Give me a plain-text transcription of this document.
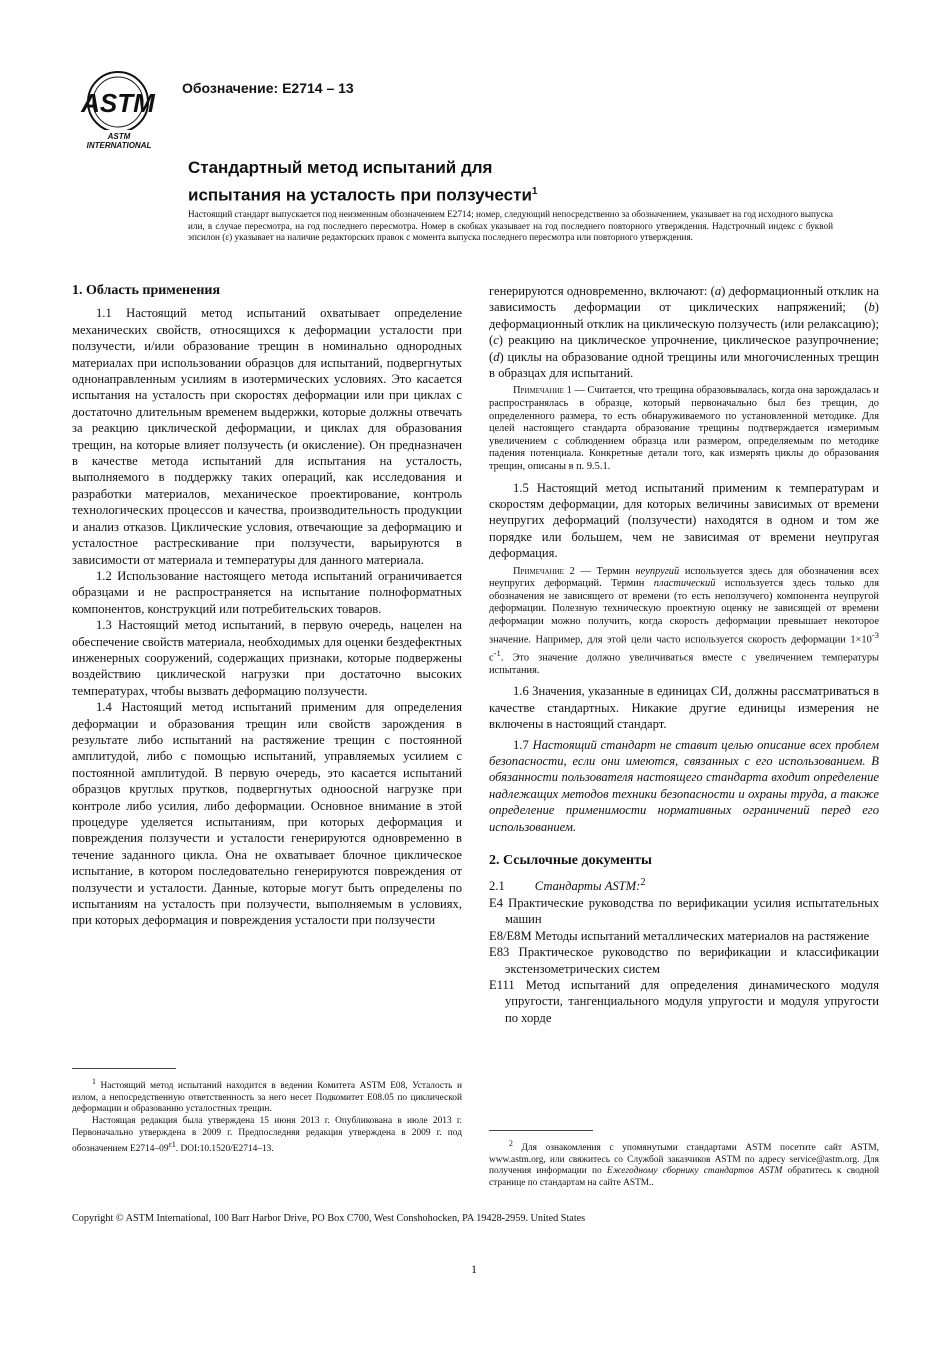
ASTM
ASTM INTERNATIONAL
Обозначение: E2714 – 13
Стандартный метод испытаний для
испытания на усталость при ползучести$^1$
Настоящий стандарт выпускается под неизменным обозначением E2714; номер, следующий непосредственно за обозначением, указывает на год исходного выпуска или, в случае пересмотра, на год последнего пересмотра. Номер в скобках указывает на год последнего повторного утверждения. Надстрочный индекс с буквой эпсилон (ε) указывает на наличие редакторских правок с момента выпуска последнего пересмотра или повторного утверждения.
1. Область применения

1.1 Настоящий метод испытаний охватывает определение механических свойств, относящихся к деформации усталости при ползучести, и/или образование трещин в номинально однородных материалах при использовании образцов для испытаний, подвергнутых однонаправленным усилиям в изотермических условиях. Это касается испытания на усталость при скоростях деформации или при циклах с достаточно длительным временем выдержки, которые должны отвечать за реакцию циклической деформации, и циклах для образования трещин, на которые влияет ползучесть (и окисление). Он предназначен в качестве метода испытаний для испытания на усталость, выполняемого в поддержку таких операций, как исследования и разработки материалов, механическое проектирование, контроль технологических процессов и качества, производительность продукции и анализ отказов. Циклические условия, отвечающие за деформацию и усталостное растрескивание при ползучести, варьируются в зависимости от материала и температуры для данного материала.

1.2 Использование настоящего метода испытаний ограничивается образцами и не распространяется на испытание полноформатных компонентов, конструкций или потребительских товаров.

1.3 Настоящий метод испытаний, в первую очередь, нацелен на обеспечение свойств материала, необходимых для оценки бездефектных инженерных сооружений, содержащих признаки, которые подвержены воздействию циклической нагрузки при достаточно высоких температурах, чтобы вызвать деформацию ползучести.

1.4 Настоящий метод испытаний применим для определения деформации и образования трещин или свойств зарождения в результате либо испытаний на растяжение трещин с постоянной амплитудой, либо с помощью испытаний, управляемых усилием с постоянной амплитудой. В первую очередь, это касается испытаний образцов круглых прутков, подвергнутых одноосной нагрузке при контроле либо усилия, либо деформации. Основное внимание в этой процедуре уделяется испытаниям, при которых деформация и повреждения ползучести и усталости генерируются одновременно в течение заданного цикла. Она не охватывает блочное циклическое испытание, в котором последовательно генерируются повреждения от ползучести и усталости. Данные, которые могут быть определены по испытаниям на усталость при ползучести, выполняемым в условиях, при которых деформация и повреждения усталости при ползучести

$^1$ Настоящий метод испытаний находится в ведении Комитета ASTM E08, Усталость и излом, а непосредственную ответственность за него несет Подкомитет E08.05 по циклической деформации и образованию усталостных трещин.

Настоящая редакция была утверждена 15 июня 2013 г. Опубликована в июле 2013 г. Первоначально утверждена в 2009 г. Предпоследняя редакция утверждена в 2009 г. под обозначением $E2714-09^{\varepsilon 1}$. DOI:10.1520/E2714–13.

генерируются одновременно, включают: (a) деформационный отклик на зависимость деформации от циклических напряжений; (b) деформационный отклик на циклическую ползучесть (или релаксацию); (c) реакцию на циклическое упрочнение, циклическое разупрочнение; (d) циклы на образование одной трещины или многочисленных трещин в образцах для испытаний.

Примечание 1 — Считается, что трещина образовывалась, когда она зарождалась и распространялась в образце, который первоначально был без трещин, до определенного размера, то есть обнаруживаемого по установленной методике. Для целей настоящего стандарта образование трещины подтверждается измеримым увеличением с соблюдением образца или размером, определяемым по методике падения потенциала. Конкретные детали того, как измерять циклы до образования трещин, описаны в п. 9.5.1.

1.5 Настоящий метод испытаний применим к температурам и скоростям деформации, для которых величины зависимых от времени неупругих деформаций (ползучести) находятся в одном и том же порядке или большем, чем не зависимая от времени неупругая деформация.

Примечание 2 — Термин неупругий используется здесь для обозначения всех неупругих деформаций. Термин пластический используется здесь только для обозначения не зависящего от времени (то есть неползучего) компонента неупругой деформации. Полезную техническую проектную оценку не зависящей от времени деформации можно получить, когда скорость деформации превышает некоторое значение. Например, для этой цели часто используется скорость деформации $1\times 10^{-3}$ $с^{-1}$. Это значение должно увеличиваться вместе с увеличением температуры испытания.

1.6 Значения, указанные в единицах СИ, должны рассматриваться в качестве стандартных. Никакие другие единицы измерения не включены в настоящий стандарт.

1.7 Настоящий стандарт не ставит целью описание всех проблем безопасности, если они имеются, связанных с его использованием. В обязанности пользователя настоящего стандарта входит определение надлежащих методов техники безопасности и охраны труда, а также определение применимости нормативных ограничений перед его использованием.

2. Ссылочные документы

2.1 Стандарты ASTM:$^2$

E4 Практические руководства по верификации усилия испытательных машин

E8/E8M Методы испытаний металлических материалов на растяжение

E83 Практическое руководство по верификации и классификации экстензометрических систем

E111 Метод испытаний для определения динамического модуля упругости, тангенциального модуля упругости и модуля упругости по хорде

$^2$ Для ознакомления с упомянутыми стандартами ASTM посетите сайт ASTM, www.astm.org, или свяжитесь со Службой заказчиков ASTM по адресу service@astm.org. Для получения информации по Ежегодному сборнику стандартов ASTM обратитесь к сводной странице по стандартам на сайте ASTM..

Copyright © ASTM International, 100 Barr Harbor Drive, PO Box C700, West Conshohocken, PA 19428-2959. United States
1
